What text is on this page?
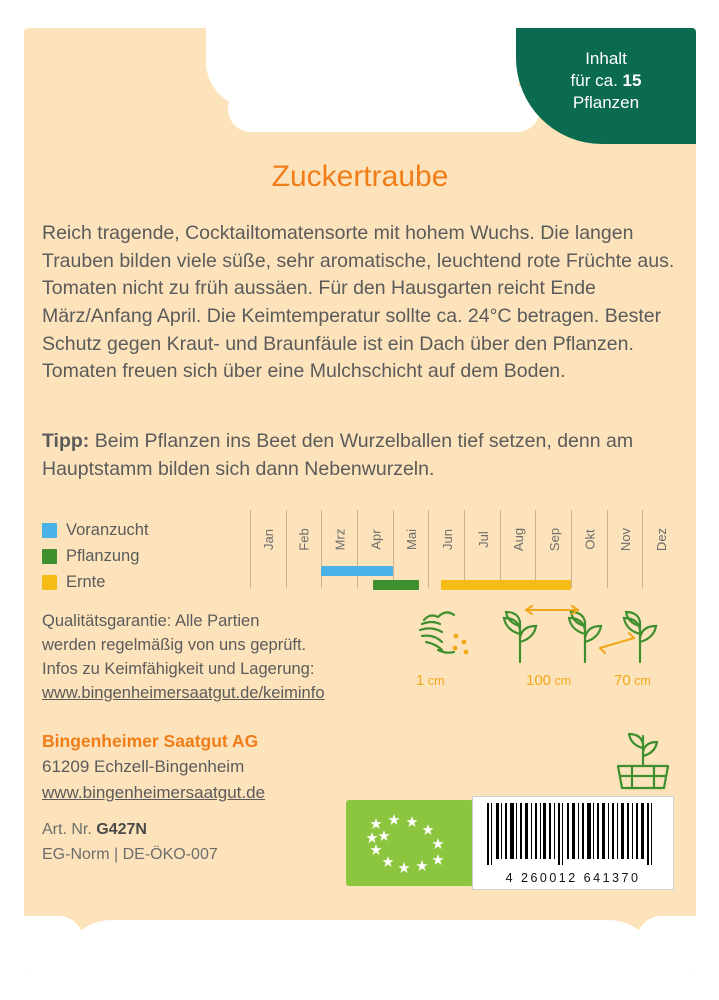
Inhalt
für ca. 15
Pflanzen
Zuckertraube
Reich tragende, Cocktailtomatensorte mit hohem Wuchs. Die langen Trauben bilden viele süße, sehr aromatische, leuchtend rote Früchte aus. Tomaten nicht zu früh aussäen. Für den Hausgarten reicht Ende März/Anfang April. Die Keimtemperatur sollte ca. 24°C betragen. Bester Schutz gegen Kraut- und Braunfäule ist ein Dach über den Pflanzen. Tomaten freuen sich über eine Mulchschicht auf dem Boden.
Tipp: Beim Pflanzen ins Beet den Wurzelballen tief setzen, denn am Hauptstamm bilden sich dann Nebenwurzeln.
Voranzucht
Pflanzung
Ernte
Jan	Feb	Mrz	Apr	Mai	Jun	Jul	Aug	Sep	Okt	Nov	Dez
Qualitätsgarantie: Alle Partien
werden regelmäßig von uns geprüft.
Infos zu Keimfähigkeit und Lagerung:
www.bingenheimersaatgut.de/keiminfo
1 cm	100 cm	70 cm
Bingenheimer Saatgut AG
61209 Echzell-Bingenheim
www.bingenheimersaatgut.de
Art. Nr. G427N
EG-Norm | DE-ÖKO-007
4 260012 641370
